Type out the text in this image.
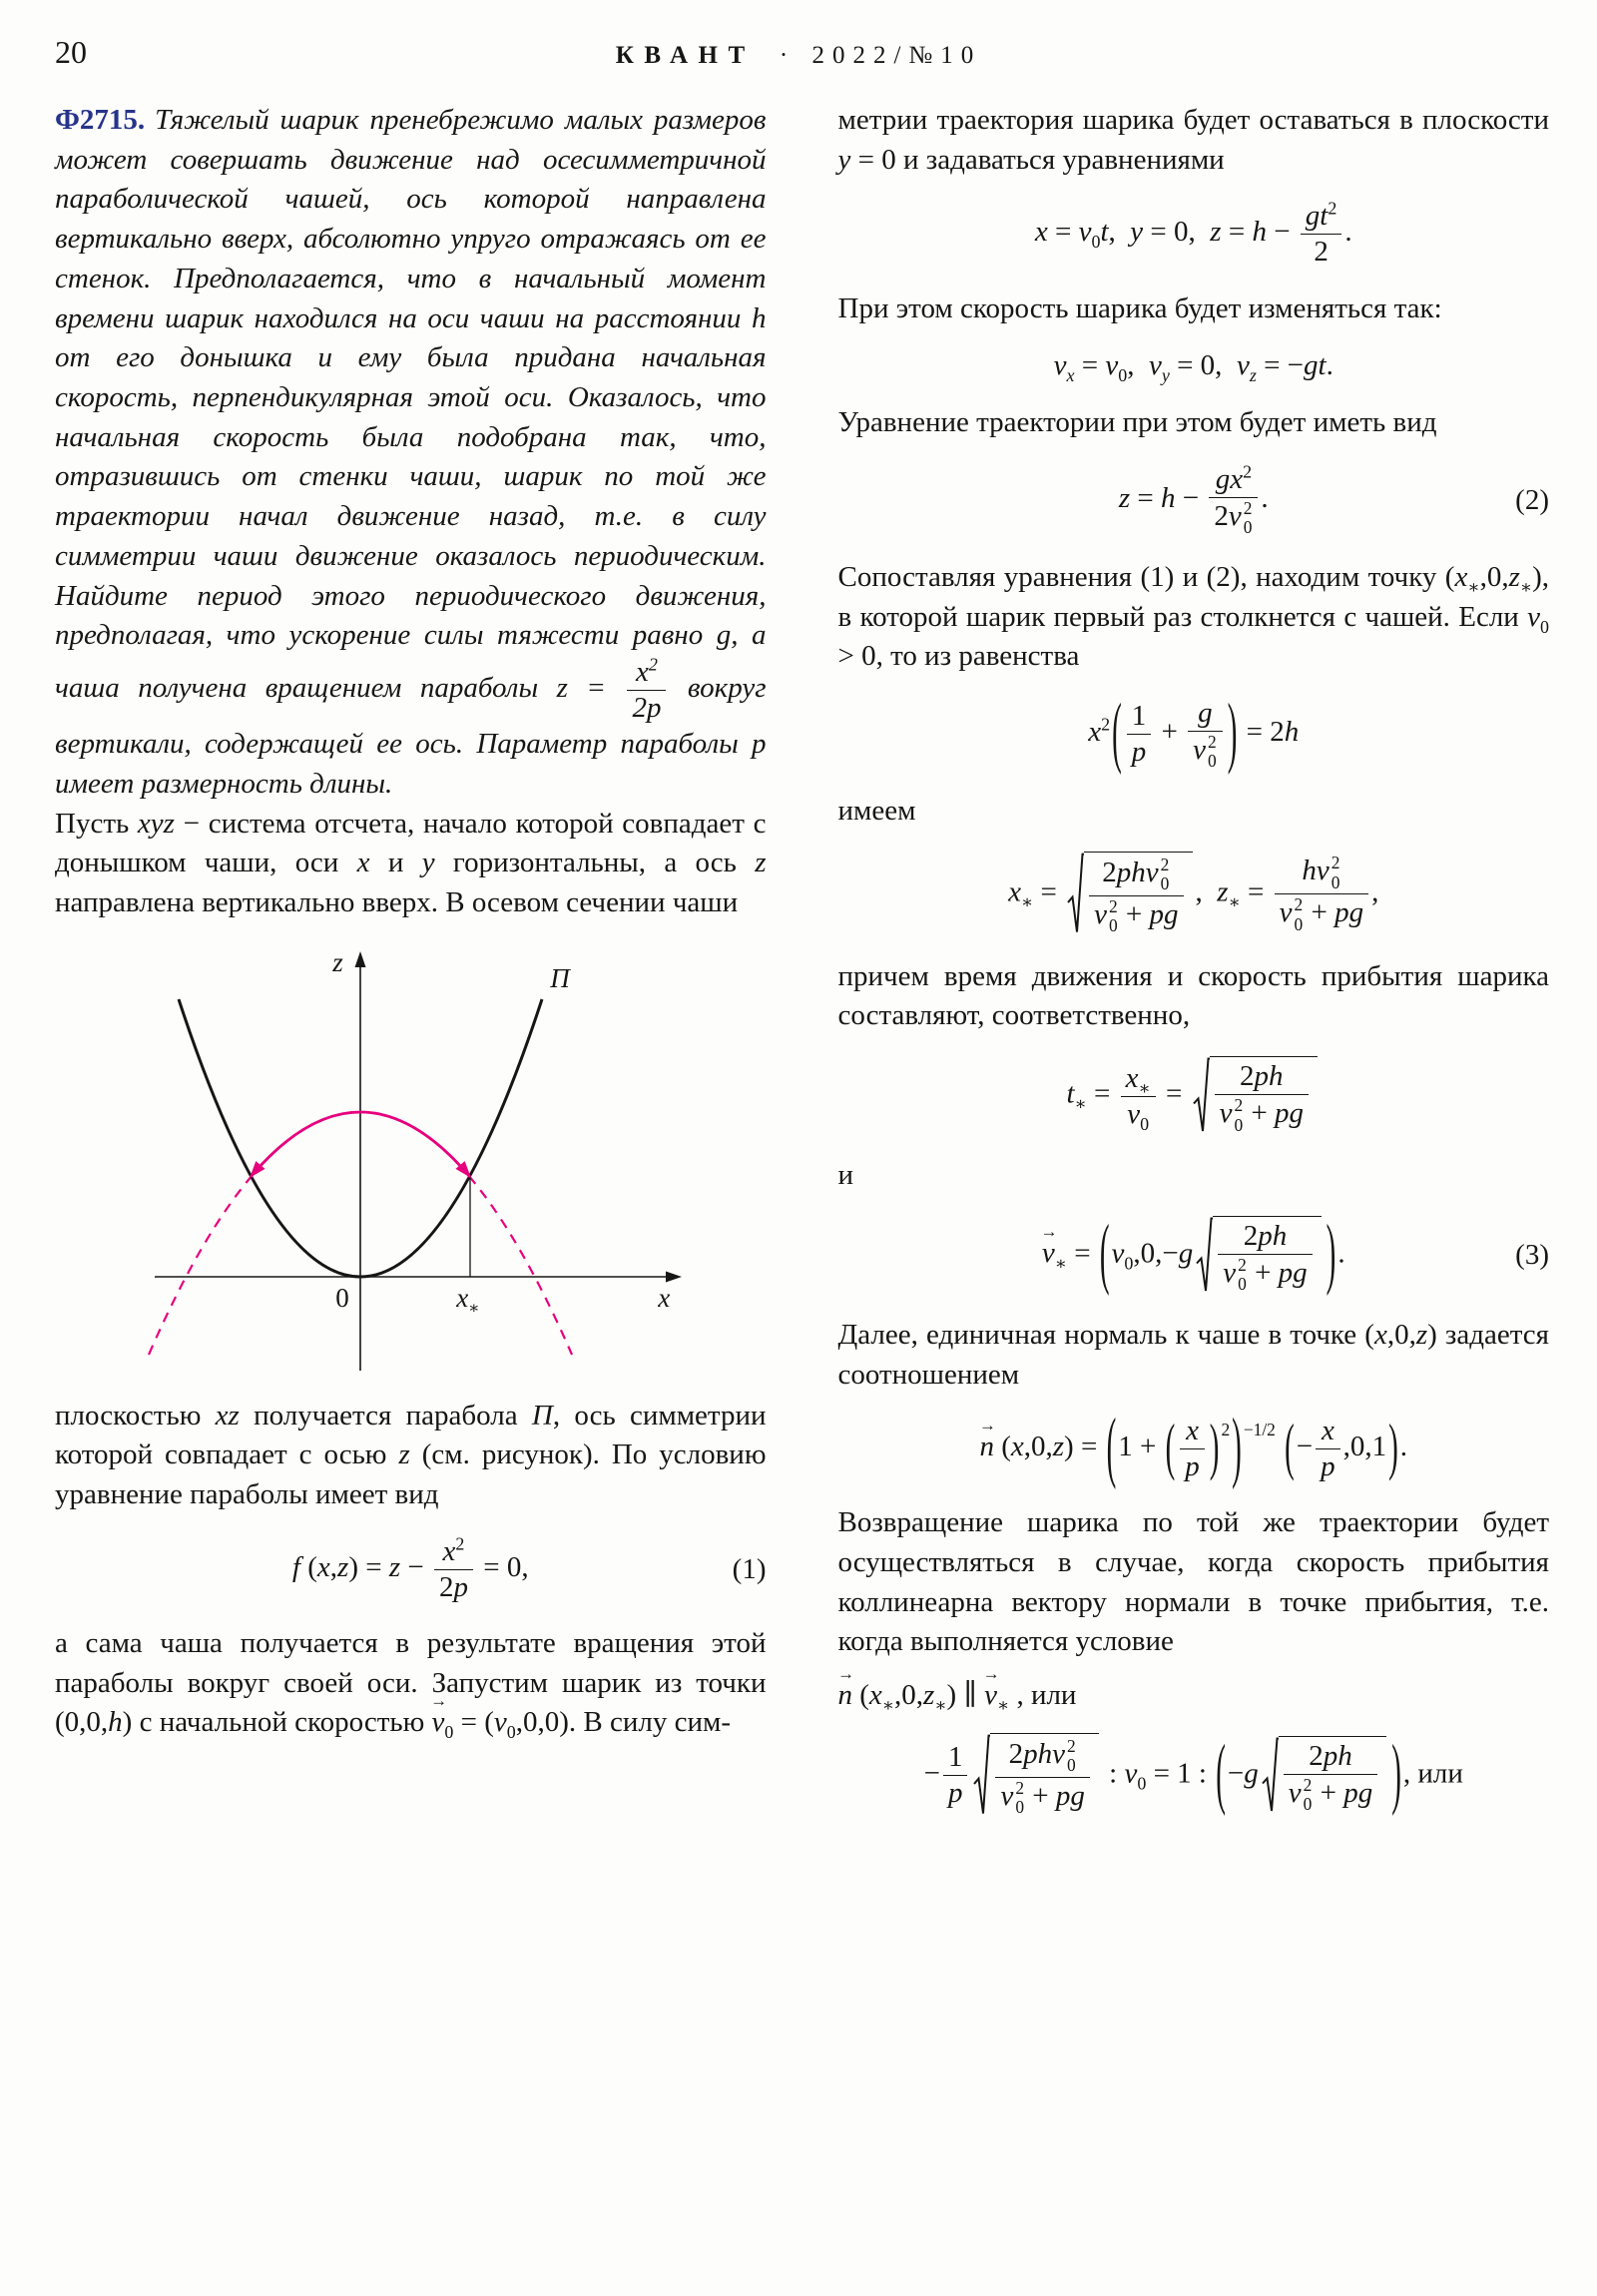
20	КВАНТ · 2022/№10

Ф2715. Тяжелый шарик пренебрежимо малых размеров может совершать движение над осесимметричной параболической чашей, ось которой направлена вертикально вверх, абсолютно упруго отражаясь от ее стенок. Предполагается, что в начальный момент времени шарик находился на оси чаши на расстоянии h от его донышка и ему была придана начальная скорость, перпендикулярная этой оси. Оказалось, что начальная скорость была подобрана так, что, отразившись от стенки чаши, шарик по той же траектории начал движение назад, т.е. в силу симметрии чаши движение оказалось периодическим. Найдите период этого периодического движения, предполагая, что ускорение силы тяжести равно g, а чаша получена вращением параболы $z = \frac{x^2}{2p}$ вокруг вертикали, содержащей ее ось. Параметр параболы p имеет размерность длины.

Пусть xyz − система отсчета, начало которой совпадает с донышком чаши, оси x и y горизонтальны, а ось z направлена вертикально вверх. В осевом сечении чаши

z
Π
0	$x_∗$	x

плоскостью xz получается парабола Π, ось симметрии которой совпадает с осью z (см. рисунок). По условию уравнение параболы имеет вид

f $(x,z) = z - \frac{x^2}{2p} = 0$,	(1)

а сама чаша получается в результате вращения этой параболы вокруг своей оси. Запустим шарик из точки (0,0,h) с начальной скоростью → $v_0 = (v_0,0,0)$. В силу сим-

метрии траектория шарика будет оставаться в плоскости y = 0 и задаваться уравнениями

$x = v_0t$,  y = 0,  $z = h - \frac{gt^2}{2}$ .

При этом скорость шарика будет изменяться так:

$v_x = v_0$,  $v_y = 0$,  $v_z = -gt$.

Уравнение траектории при этом будет иметь вид

$z = h - gx^2$
2v 2
0 .	(2)

Сопоставляя уравнения (1) и (2), находим точку $(x_∗,0,z_∗)$, в которой шарик первый раз столкнется с чашей. Если $v_0 > 0$, то из равенства

$x^2( \frac{1}{p} + g$
v 2
0 ) = 2h

имеем

$x_∗$ =
2phv 2
0
v 2
0 + pg
,  $z_∗$ = hv 2
0
v 2
0 + pg ,

причем время движения и скорость прибытия шарика составляют, соответственно,

$t_∗ = \frac{x_∗}{v_0} = 2ph$
v 2
0 + pg

и

→ $v_∗ = (v_0,0,-g$ 2ph
v 2
0 + pg ).	(3)

Далее, единичная нормаль к чаше в точке (x,0,z) задается соотношением

→ n (x,0,z) = (1 + ( $\frac{x}{p}$ ) $^2$) $^{-1/2}$ (− $\frac{x}{p} ,0,1$).

Возвращение шарика по той же траектории будет осуществляться в случае, когда скорость прибытия коллинеарна вектору нормали в точке прибытия, т.е. когда выполняется условие

→ n $(x_∗,0,z_∗)$ ∥ → $v_∗$ , или
− $\frac{1}{p}$	2phv 2
0
v 2
0 + pg
: $v_0 = 1$ : (−g 2ph
v 2
0 + pg ), или
